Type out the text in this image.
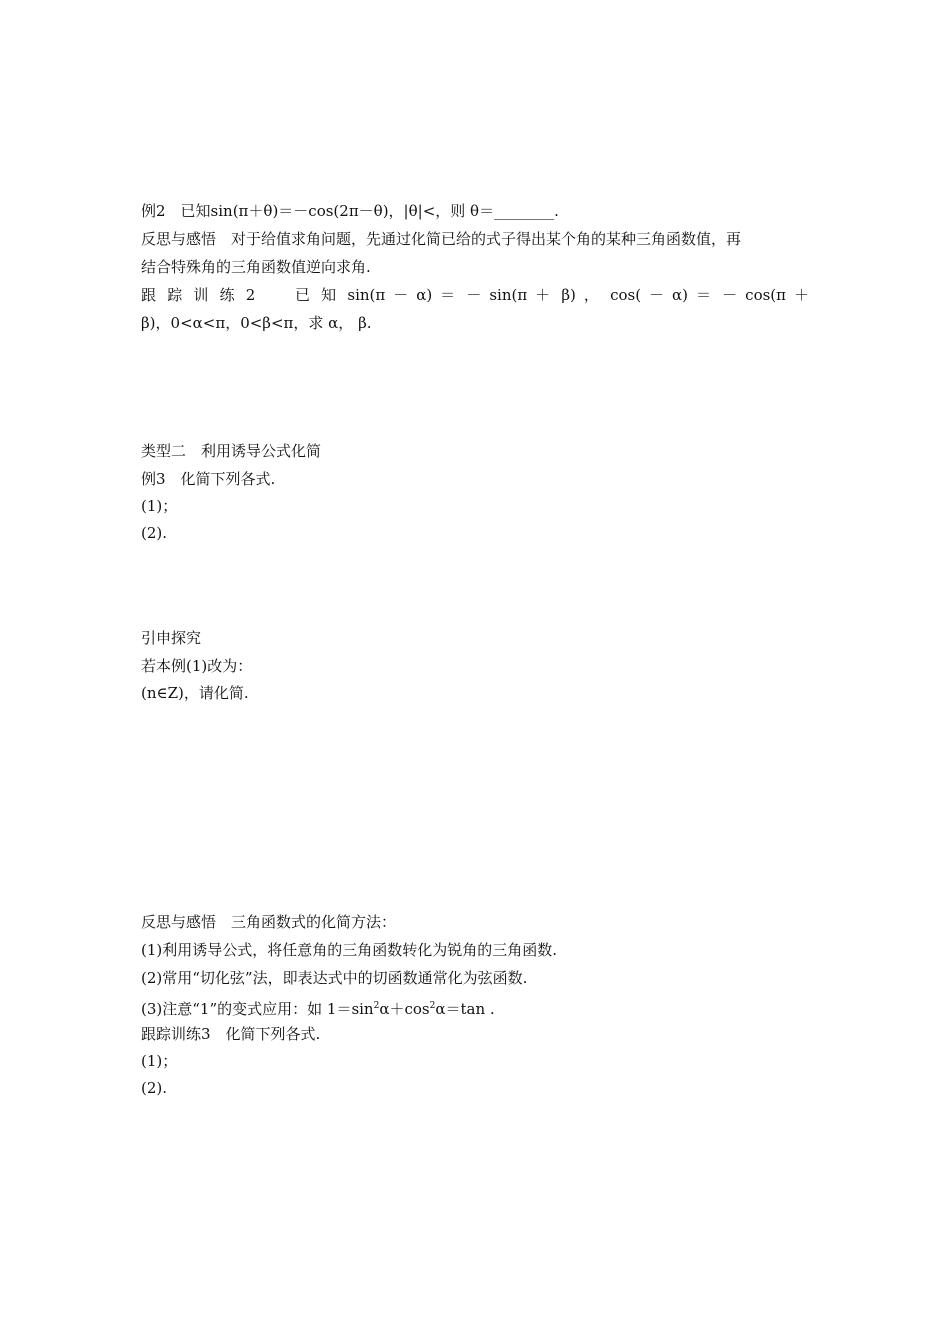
例2　已知sin(π＋θ)＝－cos(2π－θ)，|θ|<，则 θ＝________.
反思与感悟　对于给值求角问题，先通过化简已给的式子得出某个角的某种三角函数值，再
结合特殊角的三角函数值逆向求角.
跟 踪 训 练 2　　已 知 sin(π － α) ＝ － sin(π ＋ β) ， cos( － α) ＝ － cos(π ＋
β)，0<α<π，0<β<π，求 α， β.
类型二　利用诱导公式化简
例3　化简下列各式.
(1)；
(2).
引申探究
若本例(1)改为：
(n∈Z)，请化简.
反思与感悟　三角函数式的化简方法：
(1)利用诱导公式，将任意角的三角函数转化为锐角的三角函数.
(2)常用“切化弦”法，即表达式中的切函数通常化为弦函数.
(3)注意“1”的变式应用：如 $1=\sin^2\alpha+\cos^2\alpha=\tan$ .
跟踪训练3　化简下列各式.
(1)；
(2).
